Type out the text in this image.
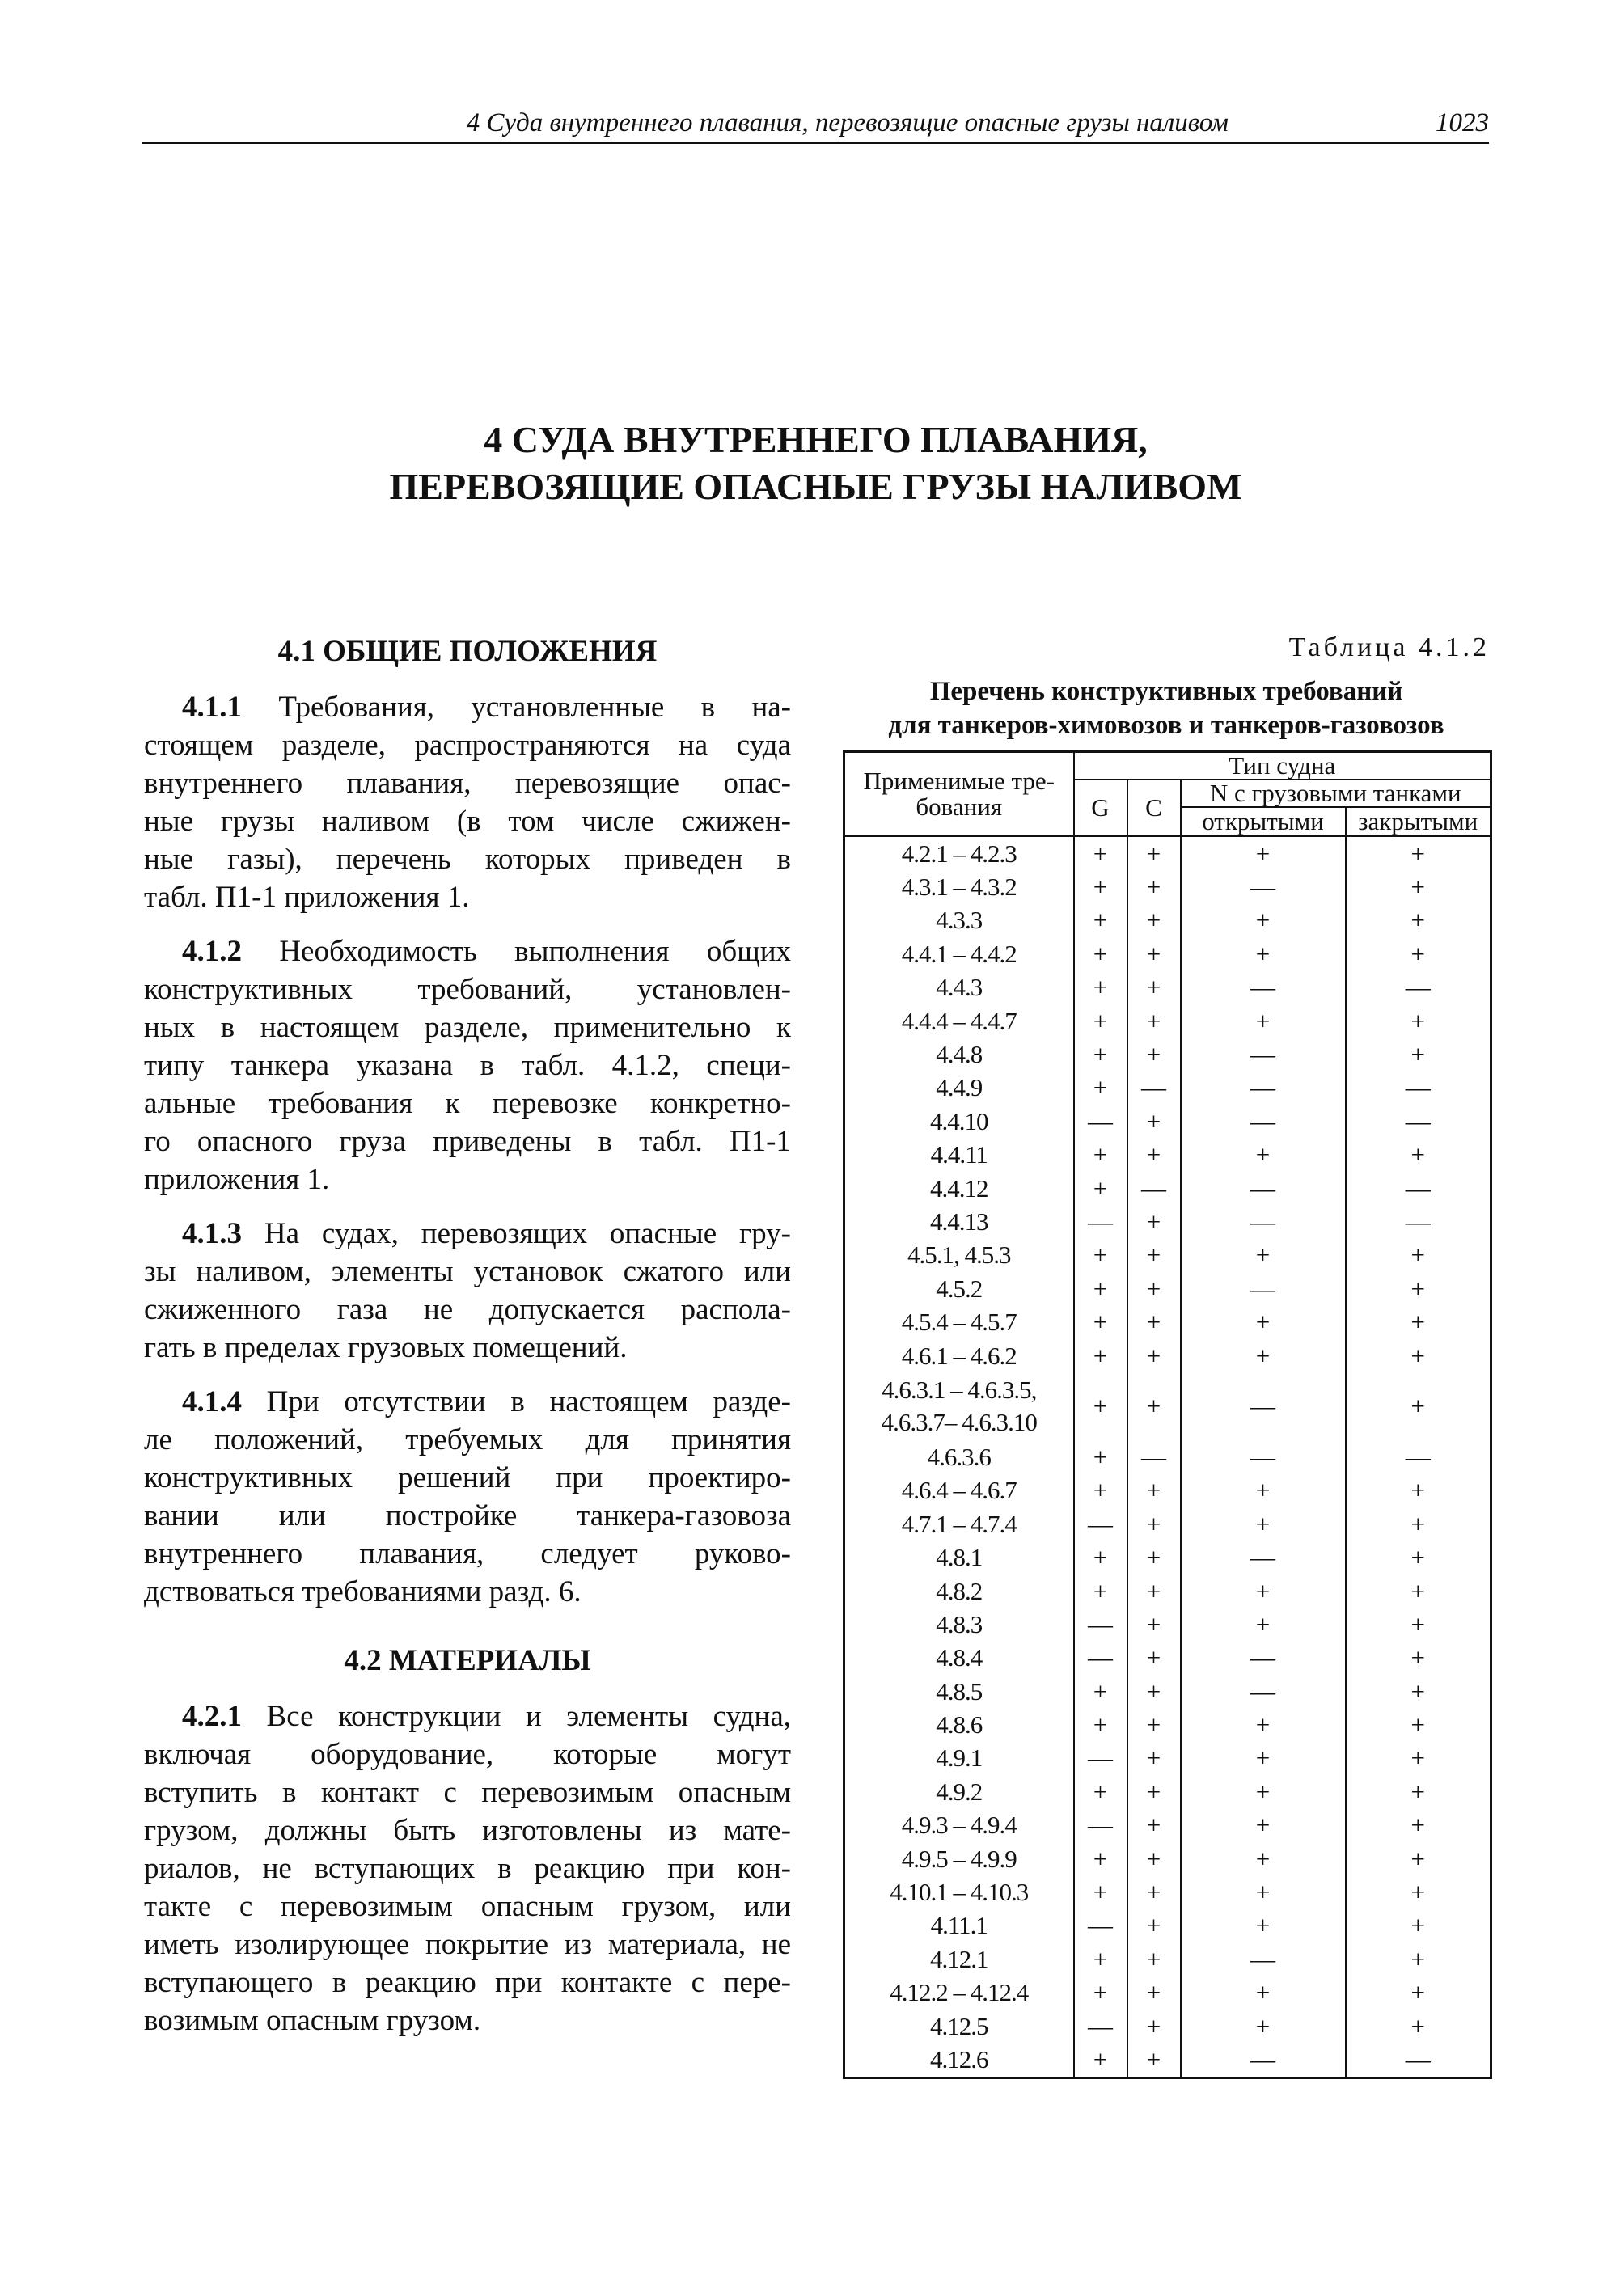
4 Суда внутреннего плавания, перевозящие опасные грузы наливом	1023
4 СУДА ВНУТРЕННЕГО ПЛАВАНИЯ,
ПЕРЕВОЗЯЩИЕ ОПАСНЫЕ ГРУЗЫ НАЛИВОМ
4.1 ОБЩИЕ ПОЛОЖЕНИЯ
4.1.1 Требования, установленные в на-
стоящем разделе, распространяются на суда
внутреннего плавания, перевозящие опас-
ные грузы наливом (в том числе сжижен-
ные газы), перечень которых приведен в
табл. П1-1 приложения 1.
4.1.2 Необходимость выполнения общих
конструктивных требований, установлен-
ных в настоящем разделе, применительно к
типу танкера указана в табл. 4.1.2, специ-
альные требования к перевозке конкретно-
го опасного груза приведены в табл. П1-1
приложения 1.
4.1.3 На судах, перевозящих опасные гру-
зы наливом, элементы установок сжатого или
сжиженного газа не допускается распола-
гать в пределах грузовых помещений.
4.1.4 При отсутствии в настоящем разде-
ле положений, требуемых для принятия
конструктивных решений при проектиро-
вании или постройке танкера-газовоза
внутреннего плавания, следует руково-
дствоваться требованиями разд. 6.
4.2 МАТЕРИАЛЫ
4.2.1 Все конструкции и элементы судна,
включая оборудование, которые могут
вступить в контакт с перевозимым опасным
грузом, должны быть изготовлены из мате-
риалов, не вступающих в реакцию при кон-
такте с перевозимым опасным грузом, или
иметь изолирующее покрытие из материала, не
вступающего в реакцию при контакте с пере-
возимым опасным грузом.
Таблица 4.1.2
Перечень конструктивных требований
для танкеров-химовозов и танкеров-газовозов
Применимые тре-бования	Тип судна			
	G	C	N с грузовыми танками	
			открытыми	закрытыми
4.2.1 – 4.2.3	+	+	+	+
4.3.1 – 4.3.2	+	+	—	+
4.3.3	+	+	+	+
4.4.1 – 4.4.2	+	+	+	+
4.4.3	+	+	—	—
4.4.4 – 4.4.7	+	+	+	+
4.4.8	+	+	—	+
4.4.9	+	—	—	—
4.4.10	—	+	—	—
4.4.11	+	+	+	+
4.4.12	+	—	—	—
4.4.13	—	+	—	—
4.5.1, 4.5.3	+	+	+	+
4.5.2	+	+	—	+
4.5.4 – 4.5.7	+	+	+	+
4.6.1 – 4.6.2	+	+	+	+
4.6.3.1 – 4.6.3.5, 4.6.3.7– 4.6.3.10	+	+	—	+
4.6.3.6	+	—	—	—
4.6.4 – 4.6.7	+	+	+	+
4.7.1 – 4.7.4	—	+	+	+
4.8.1	+	+	—	+
4.8.2	+	+	+	+
4.8.3	—	+	+	+
4.8.4	—	+	—	+
4.8.5	+	+	—	+
4.8.6	+	+	+	+
4.9.1	—	+	+	+
4.9.2	+	+	+	+
4.9.3 – 4.9.4	—	+	+	+
4.9.5 – 4.9.9	+	+	+	+
4.10.1 – 4.10.3	+	+	+	+
4.11.1	—	+	+	+
4.12.1	+	+	—	+
4.12.2 – 4.12.4	+	+	+	+
4.12.5	—	+	+	+
4.12.6	+	+	—	—
